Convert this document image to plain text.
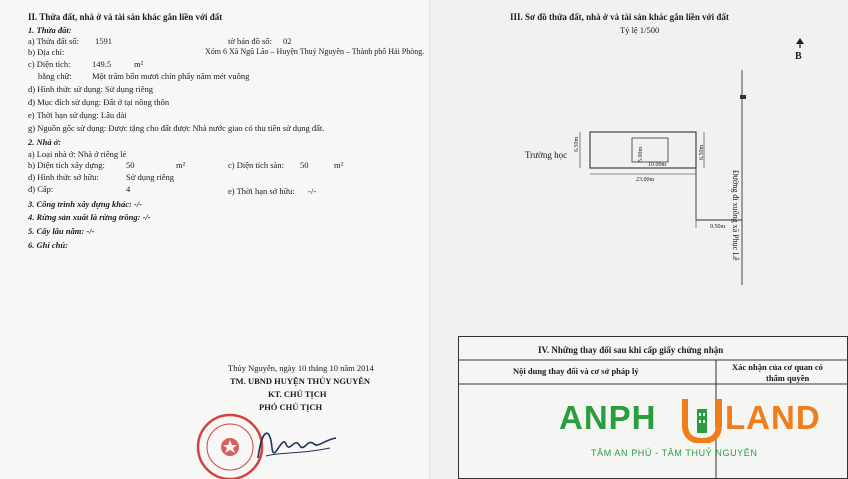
II. Thửa đất, nhà ở và tài sản khác gắn liền với đất
1. Thửa đất:
a) Thửa đất số: 1591	tờ bản đồ số: 02
b) Địa chỉ:	Xóm 6 Xã Ngũ Lão – Huyện Thuỷ Nguyên – Thành phố Hải Phòng.
c) Diện tích:	149.5	m²
bằng chữ: Một trăm bốn mươi chín phẩy năm mét vuông
d) Hình thức sử dụng: Sử dụng riêng
đ) Mục đích sử dụng: Đất ở tại nông thôn
e) Thời hạn sử dụng: Lâu dài
g) Nguồn gốc sử dụng: Được tặng cho đất được Nhà nước giao có thu tiền sử dụng đất.
2. Nhà ở:
a) Loại nhà ở: Nhà ở riêng lẻ
b) Diện tích xây dựng: 50	m²	c) Diện tích sàn: 50	m²
d) Hình thức sở hữu:	Sử dụng riêng
đ) Cấp:	4	e) Thời hạn sở hữu: -/-
3. Công trình xây dựng khác: -/-
4. Rừng sản xuất là rừng trồng: -/-
5. Cây lâu năm: -/-
6. Ghi chú:
Thủy Nguyên, ngày 10 tháng 10 năm 2014
TM. UBND HUYỆN THỦY NGUYÊN
KT. CHỦ TỊCH
PHÓ CHỦ TỊCH
III. Sơ đồ thửa đất, nhà ở và tài sản khác gắn liền với đất
Tỷ lệ 1/500
B
Trường học
Đường đi xuống xã Phục Lễ
6.50m
6.50m
23.00m
10.00m
5.00m
9.50m
IV. Những thay đổi sau khi cấp giấy chứng nhận
Nội dung thay đổi và cơ sở pháp lý	Xác nhận của cơ quan có
thẩm quyền
ANPH LAND
TÂM AN PHÚ - TÂM THUỶ NGUYÊN
